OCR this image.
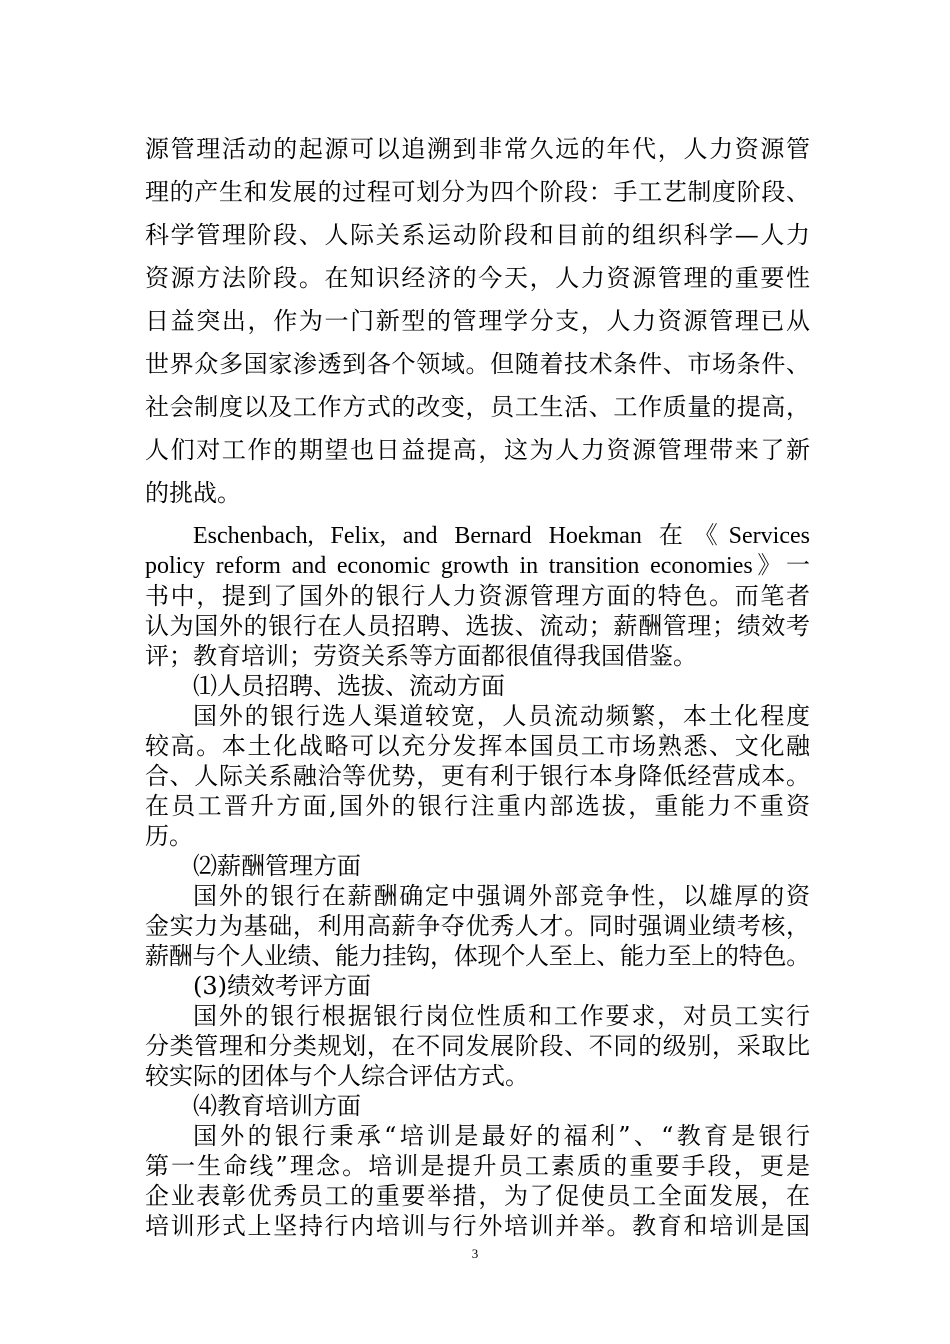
源管理活动的起源可以追溯到非常久远的年代，人力资源管
理的产生和发展的过程可划分为四个阶段：手工艺制度阶段、
科学管理阶段、人际关系运动阶段和目前的组织科学—人力
资源方法阶段。在知识经济的今天，人力资源管理的重要性
日益突出，作为一门新型的管理学分支，人力资源管理已从
世界众多国家渗透到各个领域。但随着技术条件、市场条件、
社会制度以及工作方式的改变，员工生活、工作质量的提高，
人们对工作的期望也日益提高，这为人力资源管理带来了新
的挑战。
Eschenbach, Felix, and Bernard Hoekman 在《Services
policy reform and economic growth in transition economies》一
书中，提到了国外的银行人力资源管理方面的特色。而笔者
认为国外的银行在人员招聘、选拔、流动；薪酬管理；绩效考
评；教育培训；劳资关系等方面都很值得我国借鉴。
⑴人员招聘、选拔、流动方面
国外的银行选人渠道较宽，人员流动频繁，本土化程度
较高。本土化战略可以充分发挥本国员工市场熟悉、文化融
合、人际关系融洽等优势，更有利于银行本身降低经营成本。
在员工晋升方面,国外的银行注重内部选拔，重能力不重资
历。
⑵薪酬管理方面
国外的银行在薪酬确定中强调外部竞争性，以雄厚的资
金实力为基础，利用高薪争夺优秀人才。同时强调业绩考核，
薪酬与个人业绩、能力挂钩，体现个人至上、能力至上的特色。
(3)绩效考评方面
国外的银行根据银行岗位性质和工作要求，对员工实行
分类管理和分类规划，在不同发展阶段、不同的级别，采取比
较实际的团体与个人综合评估方式。
⑷教育培训方面
国外的银行秉承“培训是最好的福利”、“教育是银行
第一生命线”理念。培训是提升员工素质的重要手段，更是
企业表彰优秀员工的重要举措，为了促使员工全面发展，在
培训形式上坚持行内培训与行外培训并举。教育和培训是国
3
